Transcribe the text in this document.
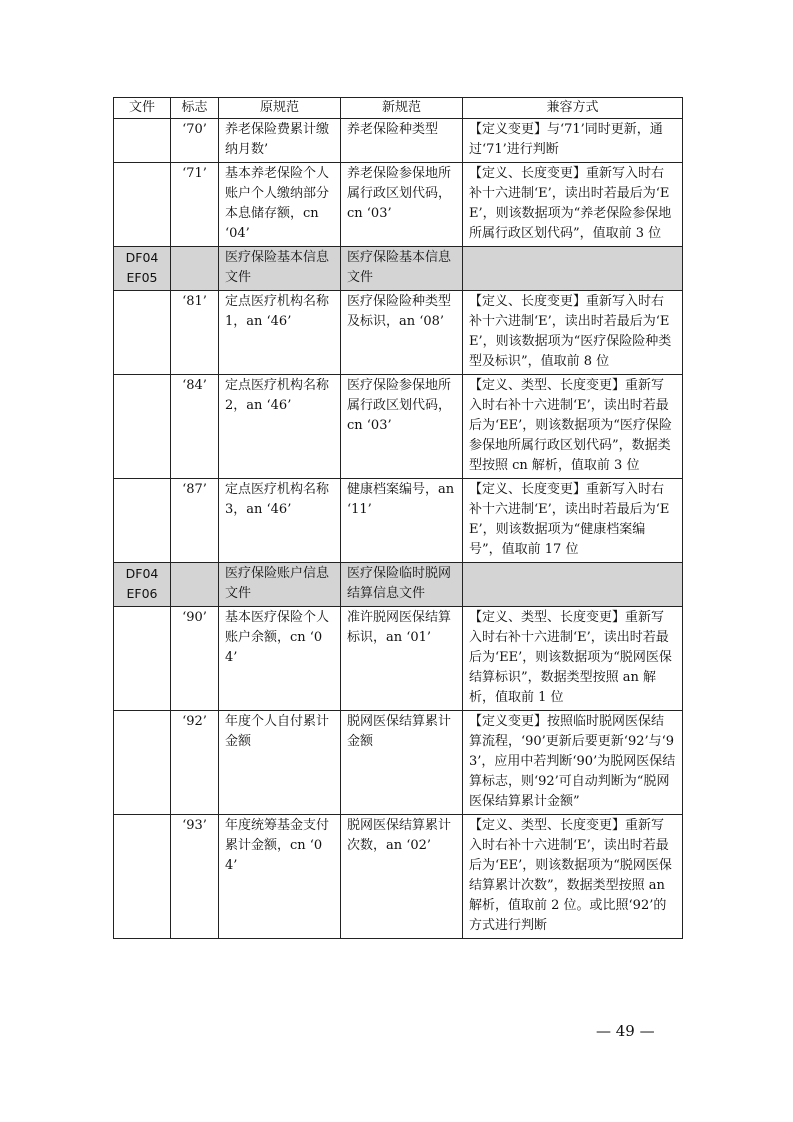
文件	标志	原规范	新规范	兼容方式
	‘70’	养老保险费累计缴纳月数’	养老保险种类型	【定义变更】与‘71’同时更新，通过‘71’进行判断
	‘71’	基本养老保险个人账户个人缴纳部分本息储存额，cn ‘04’	养老保险参保地所属行政区划代码，cn ‘03’	【定义、长度变更】重新写入时右补十六进制‘E’，读出时若最后为‘EE’，则该数据项为“养老保险参保地所属行政区划代码”，值取前 3 位
DF04 EF05		医疗保险基本信息文件	医疗保险基本信息文件	
	‘81’	定点医疗机构名称 1，an ‘46’	医疗保险险种类型及标识，an ‘08’	【定义、长度变更】重新写入时右补十六进制‘E’，读出时若最后为‘EE’，则该数据项为“医疗保险险种类型及标识”，值取前 8 位
	‘84’	定点医疗机构名称 2，an ‘46’	医疗保险参保地所属行政区划代码，cn ‘03’	【定义、类型、长度变更】重新写入时右补十六进制‘E’，读出时若最后为‘EE’，则该数据项为“医疗保险参保地所属行政区划代码”，数据类型按照 cn 解析，值取前 3 位
	‘87’	定点医疗机构名称 3，an ‘46’	健康档案编号，an ‘11’	【定义、长度变更】重新写入时右补十六进制‘E’，读出时若最后为‘EE’，则该数据项为“健康档案编号”，值取前 17 位
DF04 EF06		医疗保险账户信息文件	医疗保险临时脱网结算信息文件	
	‘90’	基本医疗保险个人账户余额，cn ‘04’	准许脱网医保结算标识，an ‘01’	【定义、类型、长度变更】重新写入时右补十六进制‘E’，读出时若最后为‘EE’，则该数据项为“脱网医保结算标识”，数据类型按照 an 解析，值取前 1 位
	‘92’	年度个人自付累计金额	脱网医保结算累计金额	【定义变更】按照临时脱网医保结算流程，‘90’更新后要更新‘92’与‘93’，应用中若判断‘90’为脱网医保结算标志，则‘92’可自动判断为“脱网医保结算累计金额”
	‘93’	年度统筹基金支付累计金额，cn ‘04’	脱网医保结算累计次数，an ‘02’	【定义、类型、长度变更】重新写入时右补十六进制‘E’，读出时若最后为‘EE’，则该数据项为“脱网医保结算累计次数”，数据类型按照 an 解析，值取前 2 位。或比照‘92’的方式进行判断
— 49 —
